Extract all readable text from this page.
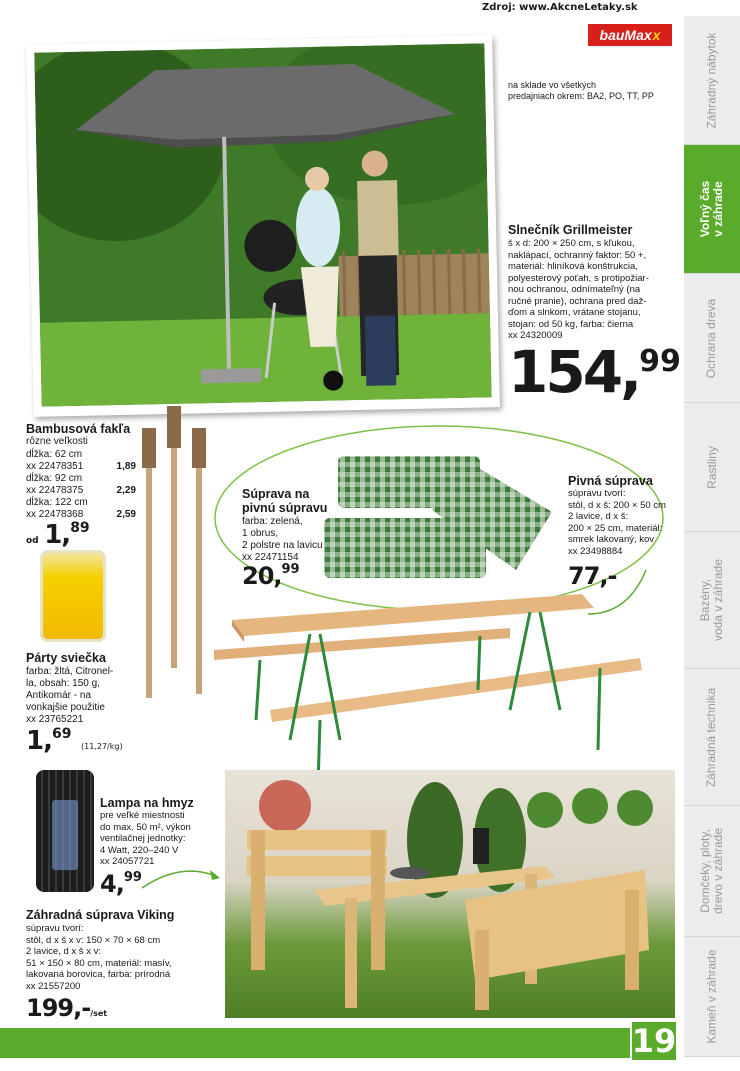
Zdroj: www.AkcneLetaky.sk
bauMax x	Záhradný nábytok
Voľný čas
v záhrade
Ochrana dreva
Rastliny
Bazény,
voda v záhrade
Záhradná technika
Domčeky, ploty,
drevo v záhrade
Kameň v záhrade
na sklade vo všetkých
predajniach okrem: BA2, PO, TT, PP
Slnečník Grillmeister
š x d: 200 × 250 cm, s kľukou,
naklápací, ochranný faktor: 50 +,
materiál: hliníková konštrukcia,
polyesterový poťah, s protipožiar-
nou ochranou, odnímateľný (na
ručné pranie), ochrana pred daž-
ďom a slnkom, vrátane stojanu,
stojan: od 50 kg, farba: čierna
xx 24320009
154,99
Bambusová fakľa
rôzne veľkosti
dĺžka: 62 cm
xx 22478351	1,89
dĺžka: 92 cm
xx 22478375	2,29
dĺžka: 122 cm
xx 22478368	2,59
od 1,89
Párty sviečka
farba: žltá, Citronel-
la, obsah: 150 g,
Antikomár - na
vonkajšie použitie
xx 23765221
1,69 (11,27/kg)
Súprava na
pivnú súpravu
farba: zelená,
1 obrus,
2 polstre na lavicu
xx 22471154
20,99
Pivná súprava
súpravu tvorí:
stôl, d x š: 200 × 50 cm
2 lavice, d x š:
200 × 25 cm, materiál:
smrek lakovaný, kov
xx 23498884
77,-
Lampa na hmyz
pre veľké miestnosti
do max. 50 m², výkon
ventilačnej jednotky:
4 Watt, 220–240 V
xx 24057721
4,99
Záhradná súprava Viking
súpravu tvorí:
stôl, d x š x v: 150 × 70 × 68 cm
2 lavice, d x š x v:
51 × 150 × 80 cm, materiál: masív,
lakovaná borovica, farba: prírodná
xx 21557200
199,-/set
19
